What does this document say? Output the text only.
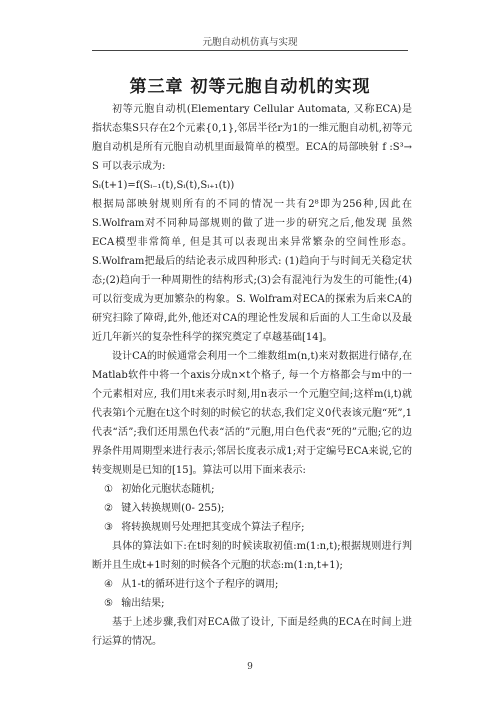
元胞自动机仿真与实现
第三章 初等元胞自动机的实现

初等元胞自动机(Elementary Cellular Automata, 又称ECA)是指状态集S只存在2个元素{0,1},邻居半径r为1的一维元胞自动机,初等元胞自动机是所有元胞自动机里面最简单的模型。ECA的局部映射 f :S³→ S 可以表示成为:

Sᵢ(t+1)=f(Sᵢ₋₁(t),Sᵢ(t),Sᵢ₊₁(t))

根据局部映射规则所有的不同的情况一共有2⁸即为256种,因此在S.Wolfram对不同种局部规则的做了进一步的研究之后,他发现 虽然ECA模型非常简单, 但是其可以表现出来异常繁杂的空间性形态。S.Wolfram把最后的结论表示成四种形式: (1)趋向于与时间无关稳定状态;(2)趋向于一种周期性的结构形式;(3)会有混沌行为发生的可能性;(4)可以衍变成为更加繁杂的构象。S. Wolfram对ECA的探索为后来CA的研究扫除了障碍,此外,他还对CA的理论性发展和后面的人工生命以及最近几年新兴的复杂性科学的探究奠定了卓越基础[14]。

设计CA的时候通常会利用一个二维数组m(n,t)来对数据进行储存,在Matlab软件中将一个axis分成n×t个格子, 每一个方格都会与m中的一个元素相对应, 我们用t来表示时刻,用n表示一个元胞空间;这样m(i,t)就代表第i个元胞在t这个时刻的时候它的状态,我们定义0代表该元胞“死”,1代表“活”;我们还用黑色代表“活的”元胞,用白色代表“死的”元胞;它的边界条件用周期型来进行表示;邻居长度表示成1;对于定编号ECA来说,它的转变规则是已知的[15]。算法可以用下面来表示:

① 初始化元胞状态随机;

② 键入转换规则(0- 255);

③ 将转换规则号处理把其变成个算法子程序;

具体的算法如下:在t时刻的时候读取初值:m(1:n,t);根据规则进行判断并且生成t+1时刻的时候各个元胞的状态:m(1:n,t+1);

④ 从1-t的循环进行这个子程序的调用;

⑤ 输出结果;

基于上述步骤,我们对ECA做了设计, 下面是经典的ECA在时间上进行运算的情况。

9
